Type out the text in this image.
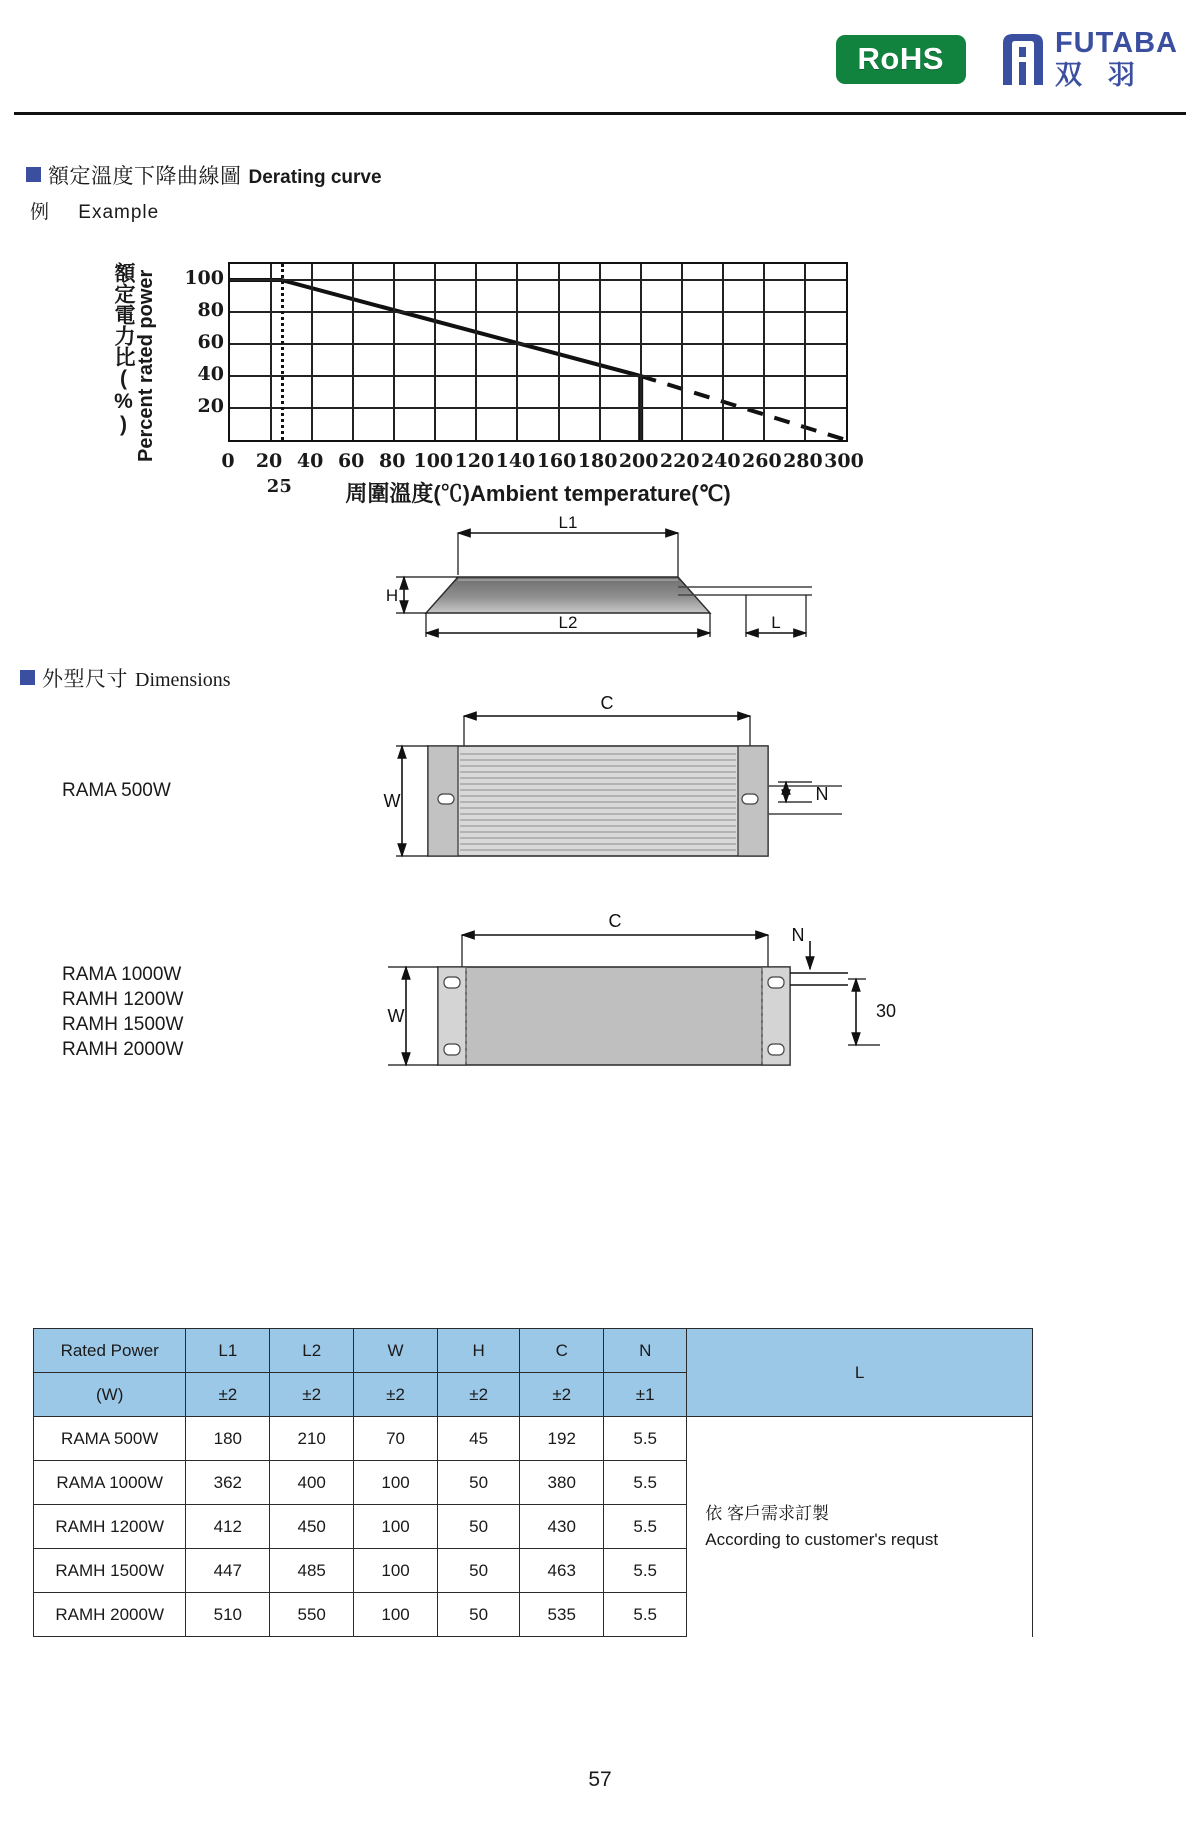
RoHS	FUTABA
双羽
額定溫度下降曲線圖 Derating curve
例 Example
額定電力比(%) Percent rated power 20
40
60
80
100
0 20 40 60 80 100 120 140 160 180 200 220 240 260 280 300
25	周圍溫度(℃)Ambient temperature(℃)
L1
H
L2	L
C
W	N
C
W
N
30
RAMA 500W
RAMA 1000W
RAMH 1200W
RAMH 1500W
RAMH 2000W
外型尺寸 Dimensions
Rated Power	L1	L2	W	H	C	N	L
(W)	±2	±2	±2	±2	±2	±1	
RAMA 500W	180	210	70	45	192	5.5	依 客戶需求訂製
According to customer's requst

RAMA 1000W	362	400	100	50	380	5.5	
RAMH 1200W	412	450	100	50	430	5.5	
RAMH 1500W	447	485	100	50	463	5.5	
RAMH 2000W	510	550	100	50	535	5.5	
57
